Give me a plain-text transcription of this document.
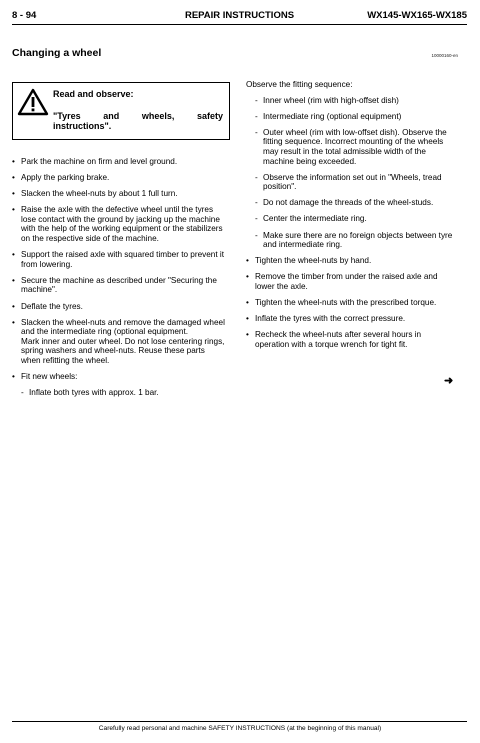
8 - 94	REPAIR INSTRUCTIONS	WX145-WX165-WX185
Changing a wheel	10000160-en
Read and observe:
"Tyres and wheels, safety instructions".
• Park the machine on firm and level ground.
• Apply the parking brake.
• Slacken the wheel-nuts by about 1 full turn.
• Raise the axle with the defective wheel until the tyres lose contact with the ground by jacking up the machine with the help of the working equipment or the stabilizers on the respective side of the machine.
• Support the raised axle with squared timber to prevent it from lowering.
• Secure the machine as described under "Securing the machine".
• Deflate the tyres.
• Slacken the wheel-nuts and remove the damaged wheel and the intermediate ring (optional equipment.
Mark inner and outer wheel. Do not lose centering rings, spring washers and wheel-nuts. Reuse these parts when refitting the wheel.
• Fit new wheels:
- Inflate both tyres with approx. 1 bar.
Observe the fitting sequence:
- Inner wheel (rim with high-offset dish)
- Intermediate ring (optional equipment)
- Outer wheel (rim with low-offset dish). Observe the fitting sequence. Incorrect mounting of the wheels may result in the total admissible width of the machine being exceeded.
- Observe the information set out in "Wheels, tread position".
- Do not damage the threads of the wheel-studs.
- Center the intermediate ring.
- Make sure there are no foreign objects between tyre and intermediate ring.
• Tighten the wheel-nuts by hand.
• Remove the timber from under the raised axle and lower the axle.
• Tighten the wheel-nuts with the prescribed torque.
• Inflate the tyres with the correct pressure.
• Recheck the wheel-nuts after several hours in operation with a torque wrench for tight fit.
➜
Carefully read personal and machine SAFETY INSTRUCTIONS (at the beginning of this manual)
